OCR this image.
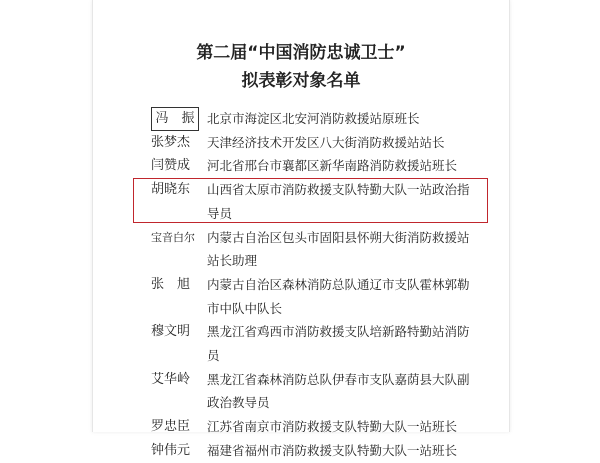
第二届“中国消防忠诚卫士”
拟表彰对象名单
冯　振	北京市海淀区北安河消防救援站原班长
张梦杰	天津经济技术开发区八大街消防救援站站长
闫赞成	河北省邢台市襄都区新华南路消防救援站班长
胡晓东	山西省太原市消防救援支队特勤大队一站政治指导员
宝音白尔 内蒙古自治区包头市固阳县怀朔大街消防救援站站长助理
张　旭	内蒙古自治区森林消防总队通辽市支队霍林郭勒市中队中队长
穆文明	黑龙江省鸡西市消防救援支队培新路特勤站消防员
艾华岭	黑龙江省森林消防总队伊春市支队嘉荫县大队副政治教导员
罗忠臣	江苏省南京市消防救援支队特勤大队一站班长
钟伟元	福建省福州市消防救援支队特勤大队一站班长
